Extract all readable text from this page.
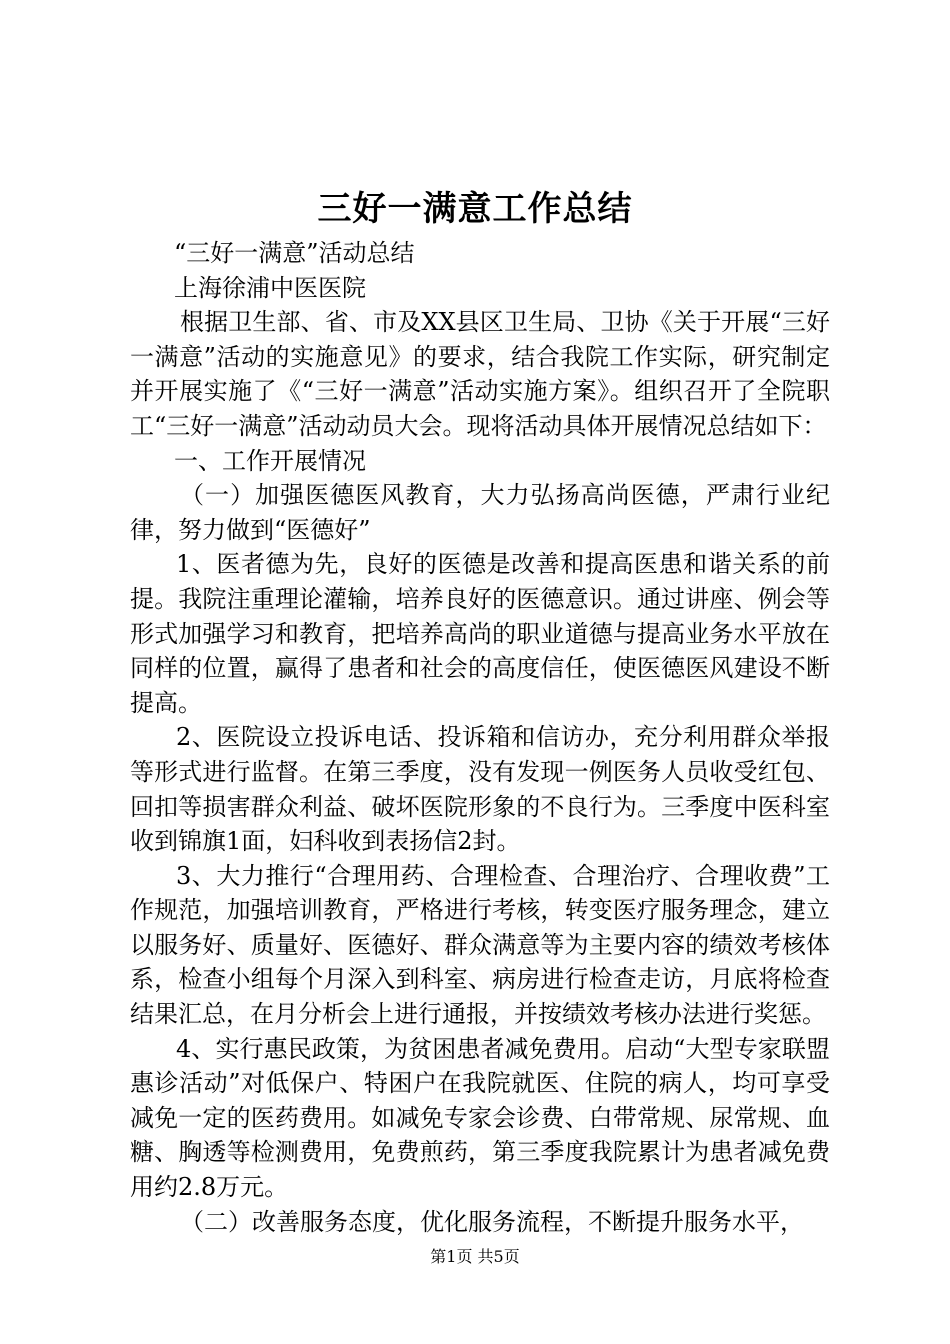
三好一满意工作总结

“三好一满意”活动总结

上海徐浦中医医院

根据卫生部、省、市及XX县区卫生局、卫协《关于开展“三好一满意”活动的实施意见》的要求，结合我院工作实际，研究制定并开展实施了《“三好一满意”活动实施方案》。组织召开了全院职工“三好一满意”活动动员大会。现将活动具体开展情况总结如下：

一、工作开展情况

（一）加强医德医风教育，大力弘扬高尚医德，严肃行业纪律，努力做到“医德好”

1、医者德为先，良好的医德是改善和提高医患和谐关系的前提。我院注重理论灌输，培养良好的医德意识。通过讲座、例会等形式加强学习和教育，把培养高尚的职业道德与提高业务水平放在同样的位置，赢得了患者和社会的高度信任，使医德医风建设不断提高。

2、医院设立投诉电话、投诉箱和信访办，充分利用群众举报等形式进行监督。在第三季度，没有发现一例医务人员收受红包、回扣等损害群众利益、破坏医院形象的不良行为。三季度中医科室收到锦旗1面，妇科收到表扬信2封。

3、大力推行“合理用药、合理检查、合理治疗、合理收费”工作规范，加强培训教育，严格进行考核，转变医疗服务理念，建立以服务好、质量好、医德好、群众满意等为主要内容的绩效考核体系，检查小组每个月深入到科室、病房进行检查走访，月底将检查结果汇总，在月分析会上进行通报，并按绩效考核办法进行奖惩。

4、实行惠民政策，为贫困患者减免费用。启动“大型专家联盟惠诊活动”对低保户、特困户在我院就医、住院的病人，均可享受减免一定的医药费用。如减免专家会诊费、白带常规、尿常规、血糖、胸透等检测费用，免费煎药，第三季度我院累计为患者减免费用约2.8万元。

（二）改善服务态度，优化服务流程，不断提升服务水平，

第1页 共5页
